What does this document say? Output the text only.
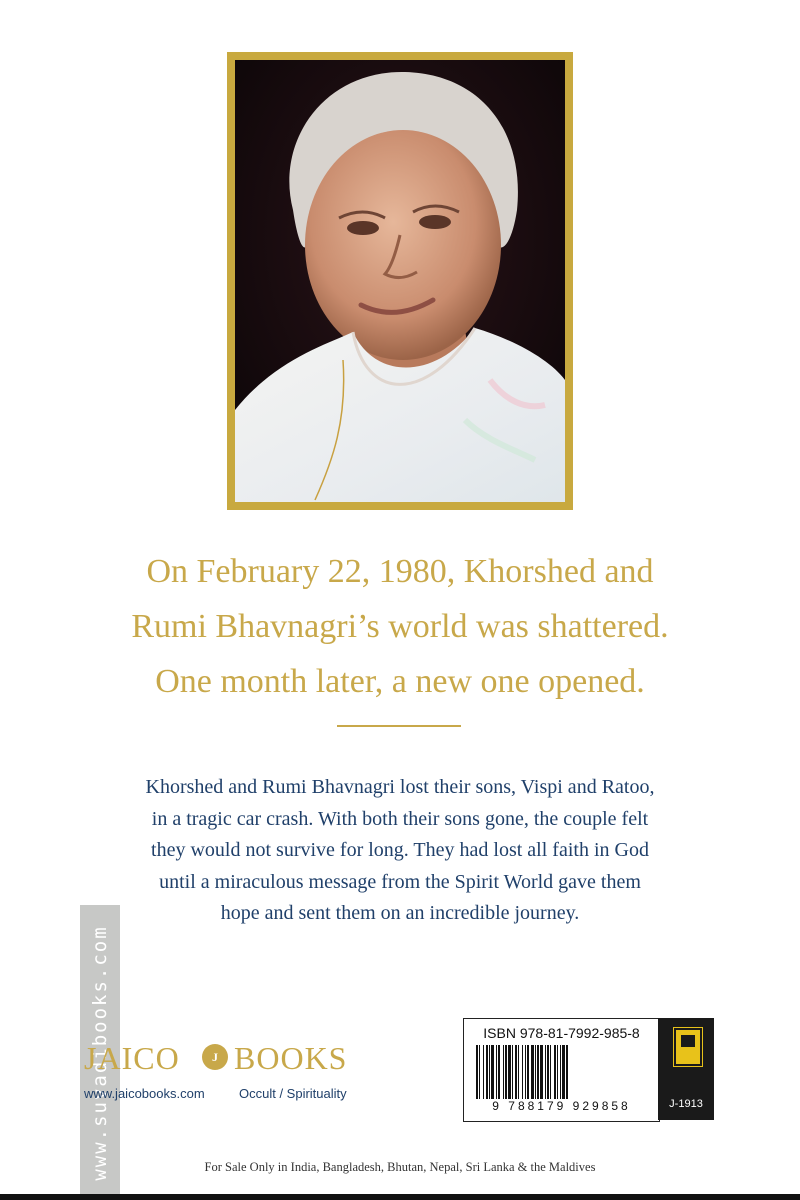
On February 22, 1980, Khorshed and
Rumi Bhavnagri’s world was shattered.
One month later, a new one opened.
Khorshed and Rumi Bhavnagri lost their sons, Vispi and Ratoo,
in a tragic car crash. With both their sons gone, the couple felt
they would not survive for long. They had lost all faith in God
until a miraculous message from the Spirit World gave them
hope and sent them on an incredible journey.
www.suvadibooks.com
JAICO	J BOOKS
www.jaicobooks.com	Occult / Spirituality
ISBN 978-81-7992-985-8
9 788179 929858	J-1913
For Sale Only in India, Bangladesh, Bhutan, Nepal, Sri Lanka & the Maldives
